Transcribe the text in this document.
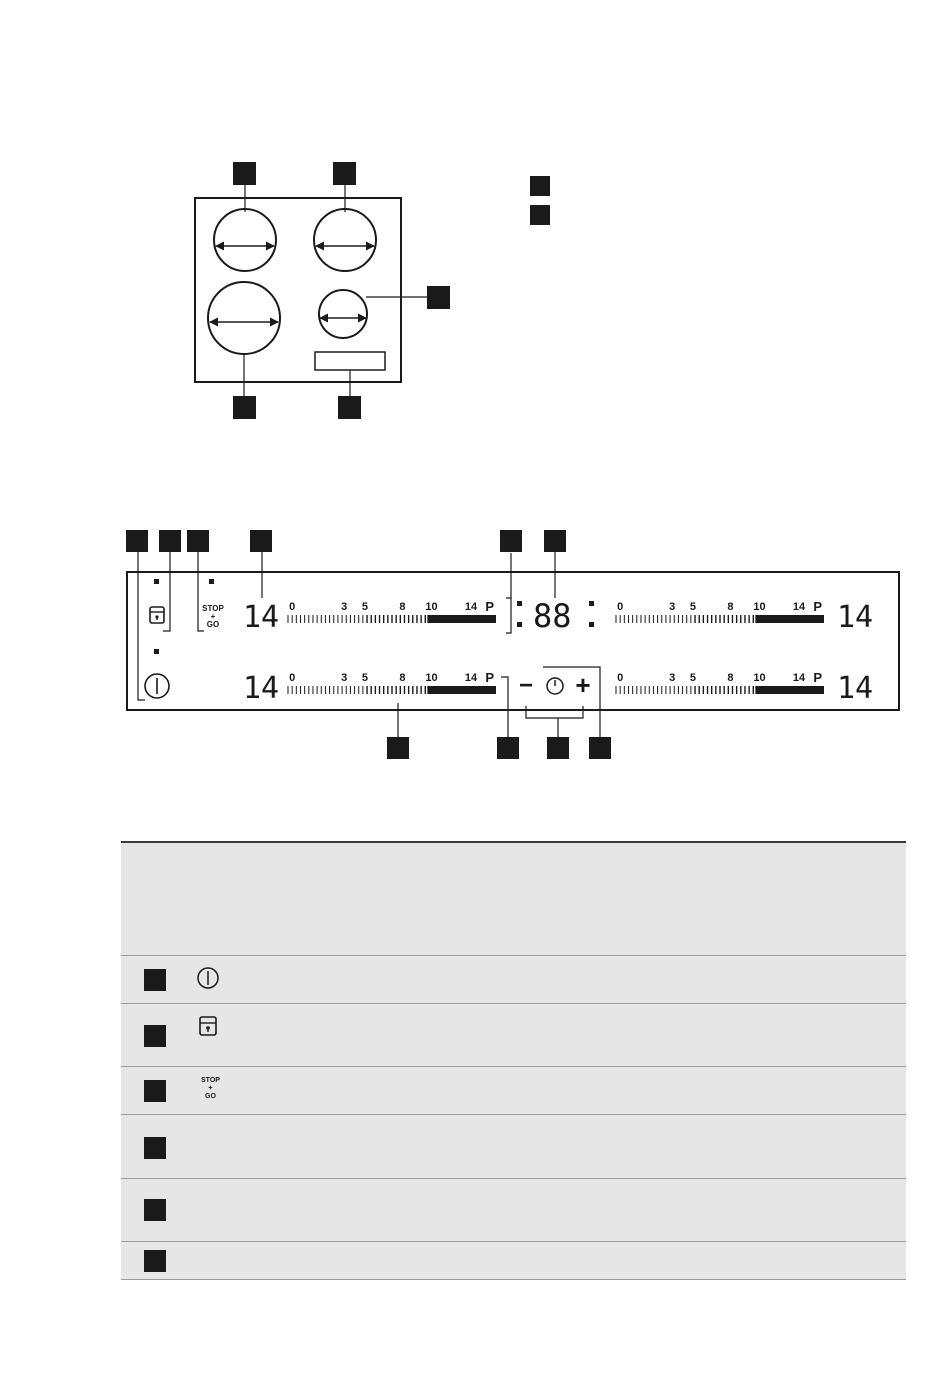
STOP
+
GO 14
14
14
14
0	3 5	8 10 14 P
0	3 5	8 10 14 P
0	3 5	8 10 14 P
0	3 5	8 10 14 P
88
− +

	STOP
+
GO	
